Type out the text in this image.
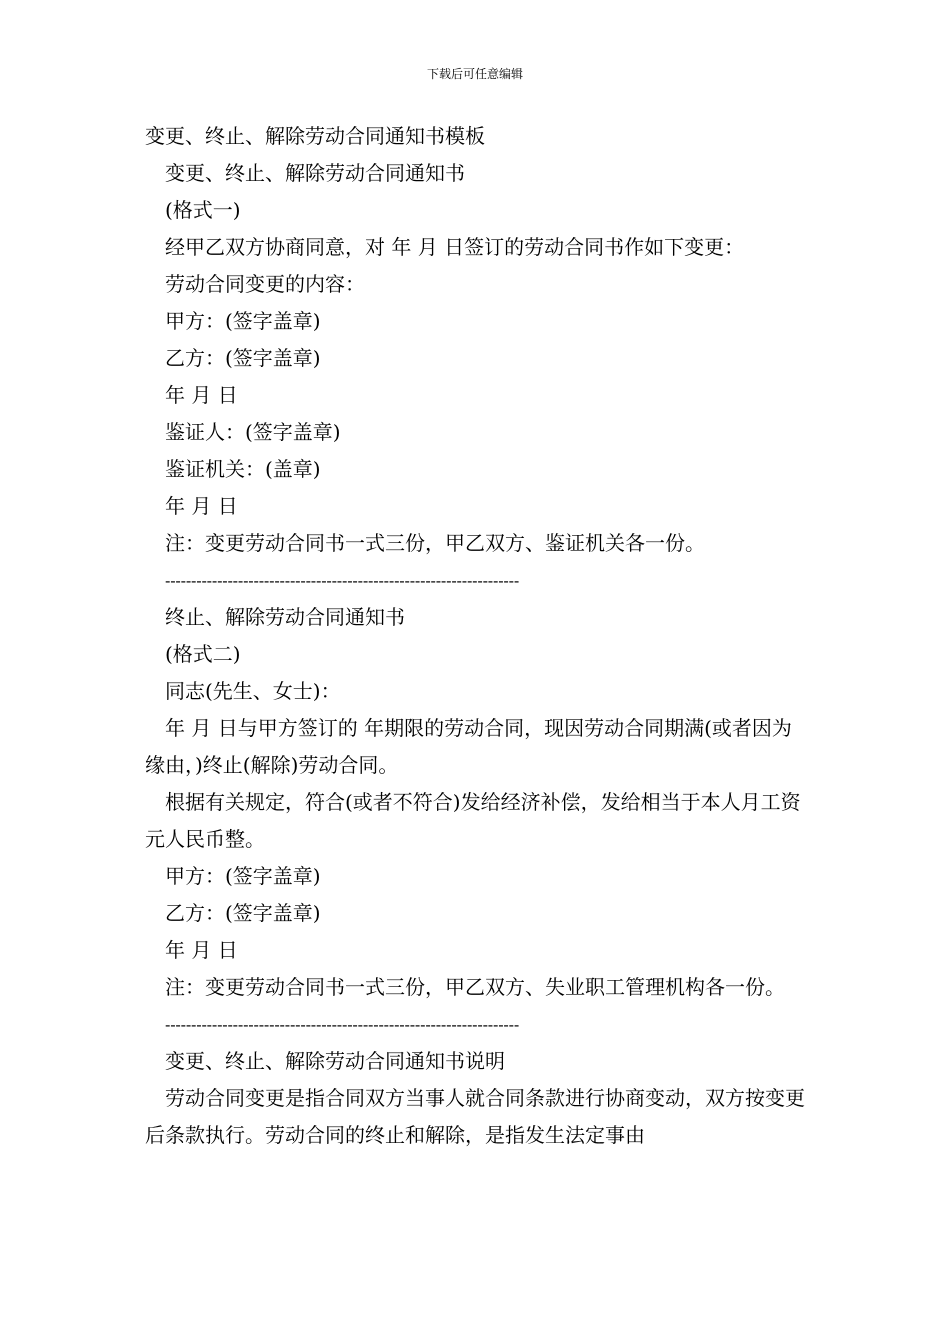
下载后可任意编辑
变更、终止、解除劳动合同通知书模板
变更、终止、解除劳动合同通知书
(格式一)
经甲乙双方协商同意，对 年 月 日签订的劳动合同书作如下变更：
劳动合同变更的内容：
甲方：(签字盖章)
乙方：(签字盖章)
年 月 日
鉴证人：(签字盖章)
鉴证机关：(盖章)
年 月 日
注：变更劳动合同书一式三份，甲乙双方、鉴证机关各一份。
--------------------------------------------------------------------
终止、解除劳动合同通知书
(格式二)
同志(先生、女士)：
年 月 日与甲方签订的 年期限的劳动合同，现因劳动合同期满(或者因为 缘由，)终止(解除)劳动合同。
根据有关规定，符合(或者不符合)发给经济补偿，发给相当于本人月工资 元人民币整。
甲方：(签字盖章)
乙方：(签字盖章)
年 月 日
注：变更劳动合同书一式三份，甲乙双方、失业职工管理机构各一份。
--------------------------------------------------------------------
变更、终止、解除劳动合同通知书说明
劳动合同变更是指合同双方当事人就合同条款进行协商变动，双方按变更后条款执行。劳动合同的终止和解除，是指发生法定事由
